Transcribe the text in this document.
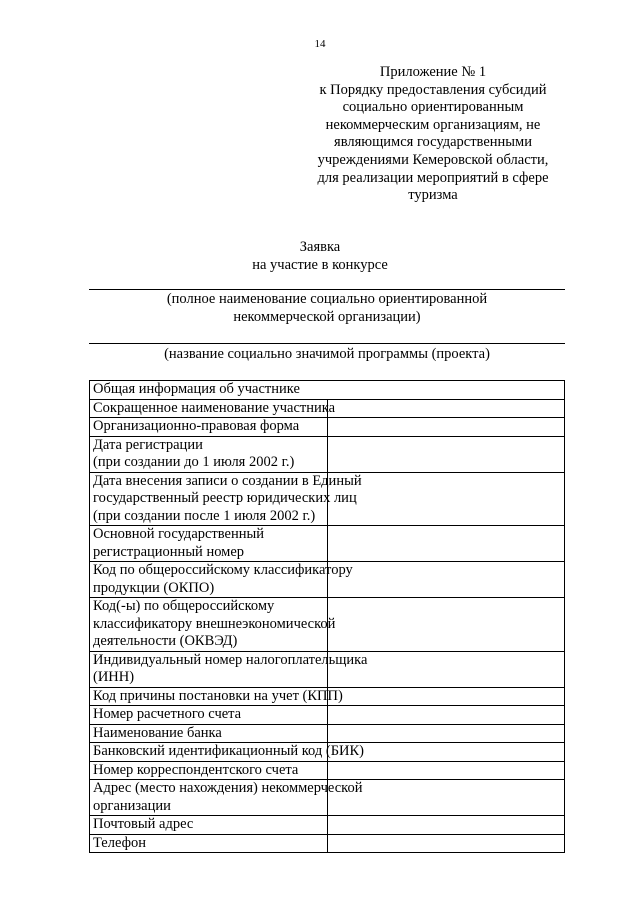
14
Приложение № 1
к Порядку предоставления субсидий
социально ориентированным
некоммерческим организациям, не
являющимся государственными
учреждениями Кемеровской области,
для реализации мероприятий в сфере
туризма
Заявка
на участие в конкурсе
(полное наименование социально ориентированной
некоммерческой организации)
(название социально значимой программы (проекта)
Общая информация об участнике	

Сокращенное наименование участника	

Организационно-правовая форма	

Дата регистрации
(при создании до 1 июля 2002 г.)	

Дата внесения записи о создании в Единый
государственный реестр юридических лиц
(при создании после 1 июля 2002 г.)	

Основной государственный
регистрационный номер	

Код по общероссийскому классификатору
продукции (ОКПО)	

Код(-ы) по общероссийскому
классификатору внешнеэкономической
деятельности (ОКВЭД)	

Индивидуальный номер налогоплательщика
(ИНН)	

Код причины постановки на учет (КПП)	

Номер расчетного счета	

Наименование банка	

Банковский идентификационный код (БИК)	

Номер корреспондентского счета	

Адрес (место нахождения) некоммерческой
организации	

Почтовый адрес	

Телефон	
